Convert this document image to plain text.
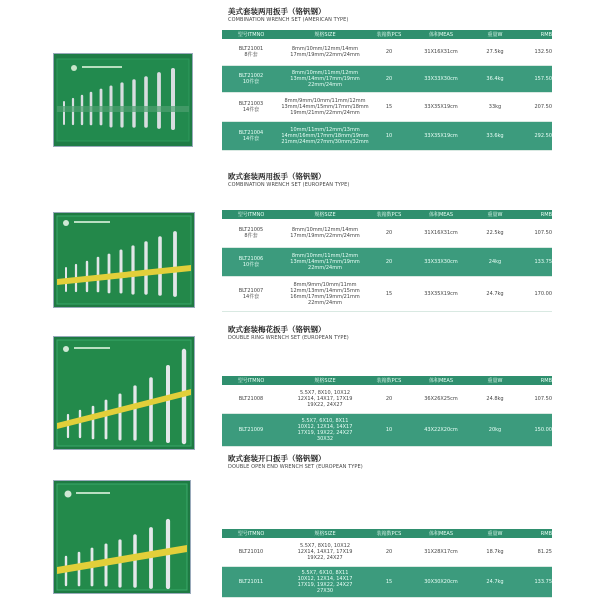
美式套装两用扳手（铬钒钢）
COMBINATION WRENCH SET (AMERICAN TYPE)
型号ITMNO	规格SIZE	装箱数PCS	体积MEAS	重量W	RMB
BLT21001
8件套
8mm/10mm/12mm/14mm
17mm/19mm/22mm/24mm	20	31X16X31cm	27.5kg	132.50
BLT21002
10件套
8mm/10mm/11mm/12mm
13mm/14mm/17mm/19mm
22mm/24mm
20	33X33X30cm	36.4kg	157.50
BLT21003
14件套
8mm/9mm/10mm/11mm/12mm
13mm/14mm/15mm/17mm/18mm
19mm/21mm/22mm/24mm
15	33X35X19cm	33kg	207.50
BLT21004
14件套
10mm/11mm/12mm/13mm
14mm/16mm/17mm/18mm/19mm
21mm/24mm/27mm/30mm/32mm
10	33X35X19cm	33.6kg	292.50
欧式套装两用扳手（铬钒钢）
COMBINATION WRENCH SET (EUROPEAN TYPE)
型号ITMNO	规格SIZE	装箱数PCS	体积MEAS	重量W	RMB
BLT21005
8件套
8mm/10mm/12mm/14mm
17mm/19mm/22mm/24mm	20	31X16X31cm	22.5kg	107.50
BLT21006
10件套
8mm/10mm/11mm/12mm
13mm/14mm/17mm/19mm
22mm/24mm
20	33X33X30cm	24kg	133.75
BLT21007
14件套
8mm/9mm/10mm/11mm
12mm/13mm/14mm/15mm
16mm/17mm/19mm/21mm
22mm/24mm
15	33X35X19cm	24.7kg	170.00
欧式套装梅花扳手（铬钒钢）
DOUBLE RING WRENCH SET (EUROPEAN TYPE)
型号ITMNO	规格SIZE	装箱数PCS	体积MEAS	重量W	RMB
BLT21008
5.5X7, 8X10, 10X12
12X14, 14X17, 17X19
19X22, 24X27
20	36X26X25cm	24.8kg	107.50
BLT21009
5.5X7, 6X10, 8X11
10X12, 12X14, 14X17
17X19, 19X22, 24X27
30X32
10	43X22X20cm	20kg	150.00
欧式套装开口扳手（铬钒钢）
DOUBLE OPEN END WRENCH SET (EUROPEAN TYPE)
型号ITMNO	规格SIZE	装箱数PCS	体积MEAS	重量W	RMB
BLT21010
5.5X7, 8X10, 10X12
12X14, 14X17, 17X19
19X22, 24X27
20	31X28X17cm	18.7kg	81.25
BLT21011
5.5X7, 6X10, 8X11
10X12, 12X14, 14X17
17X19, 19X22, 24X27
27X30
15	30X30X20cm	24.7kg	133.75
